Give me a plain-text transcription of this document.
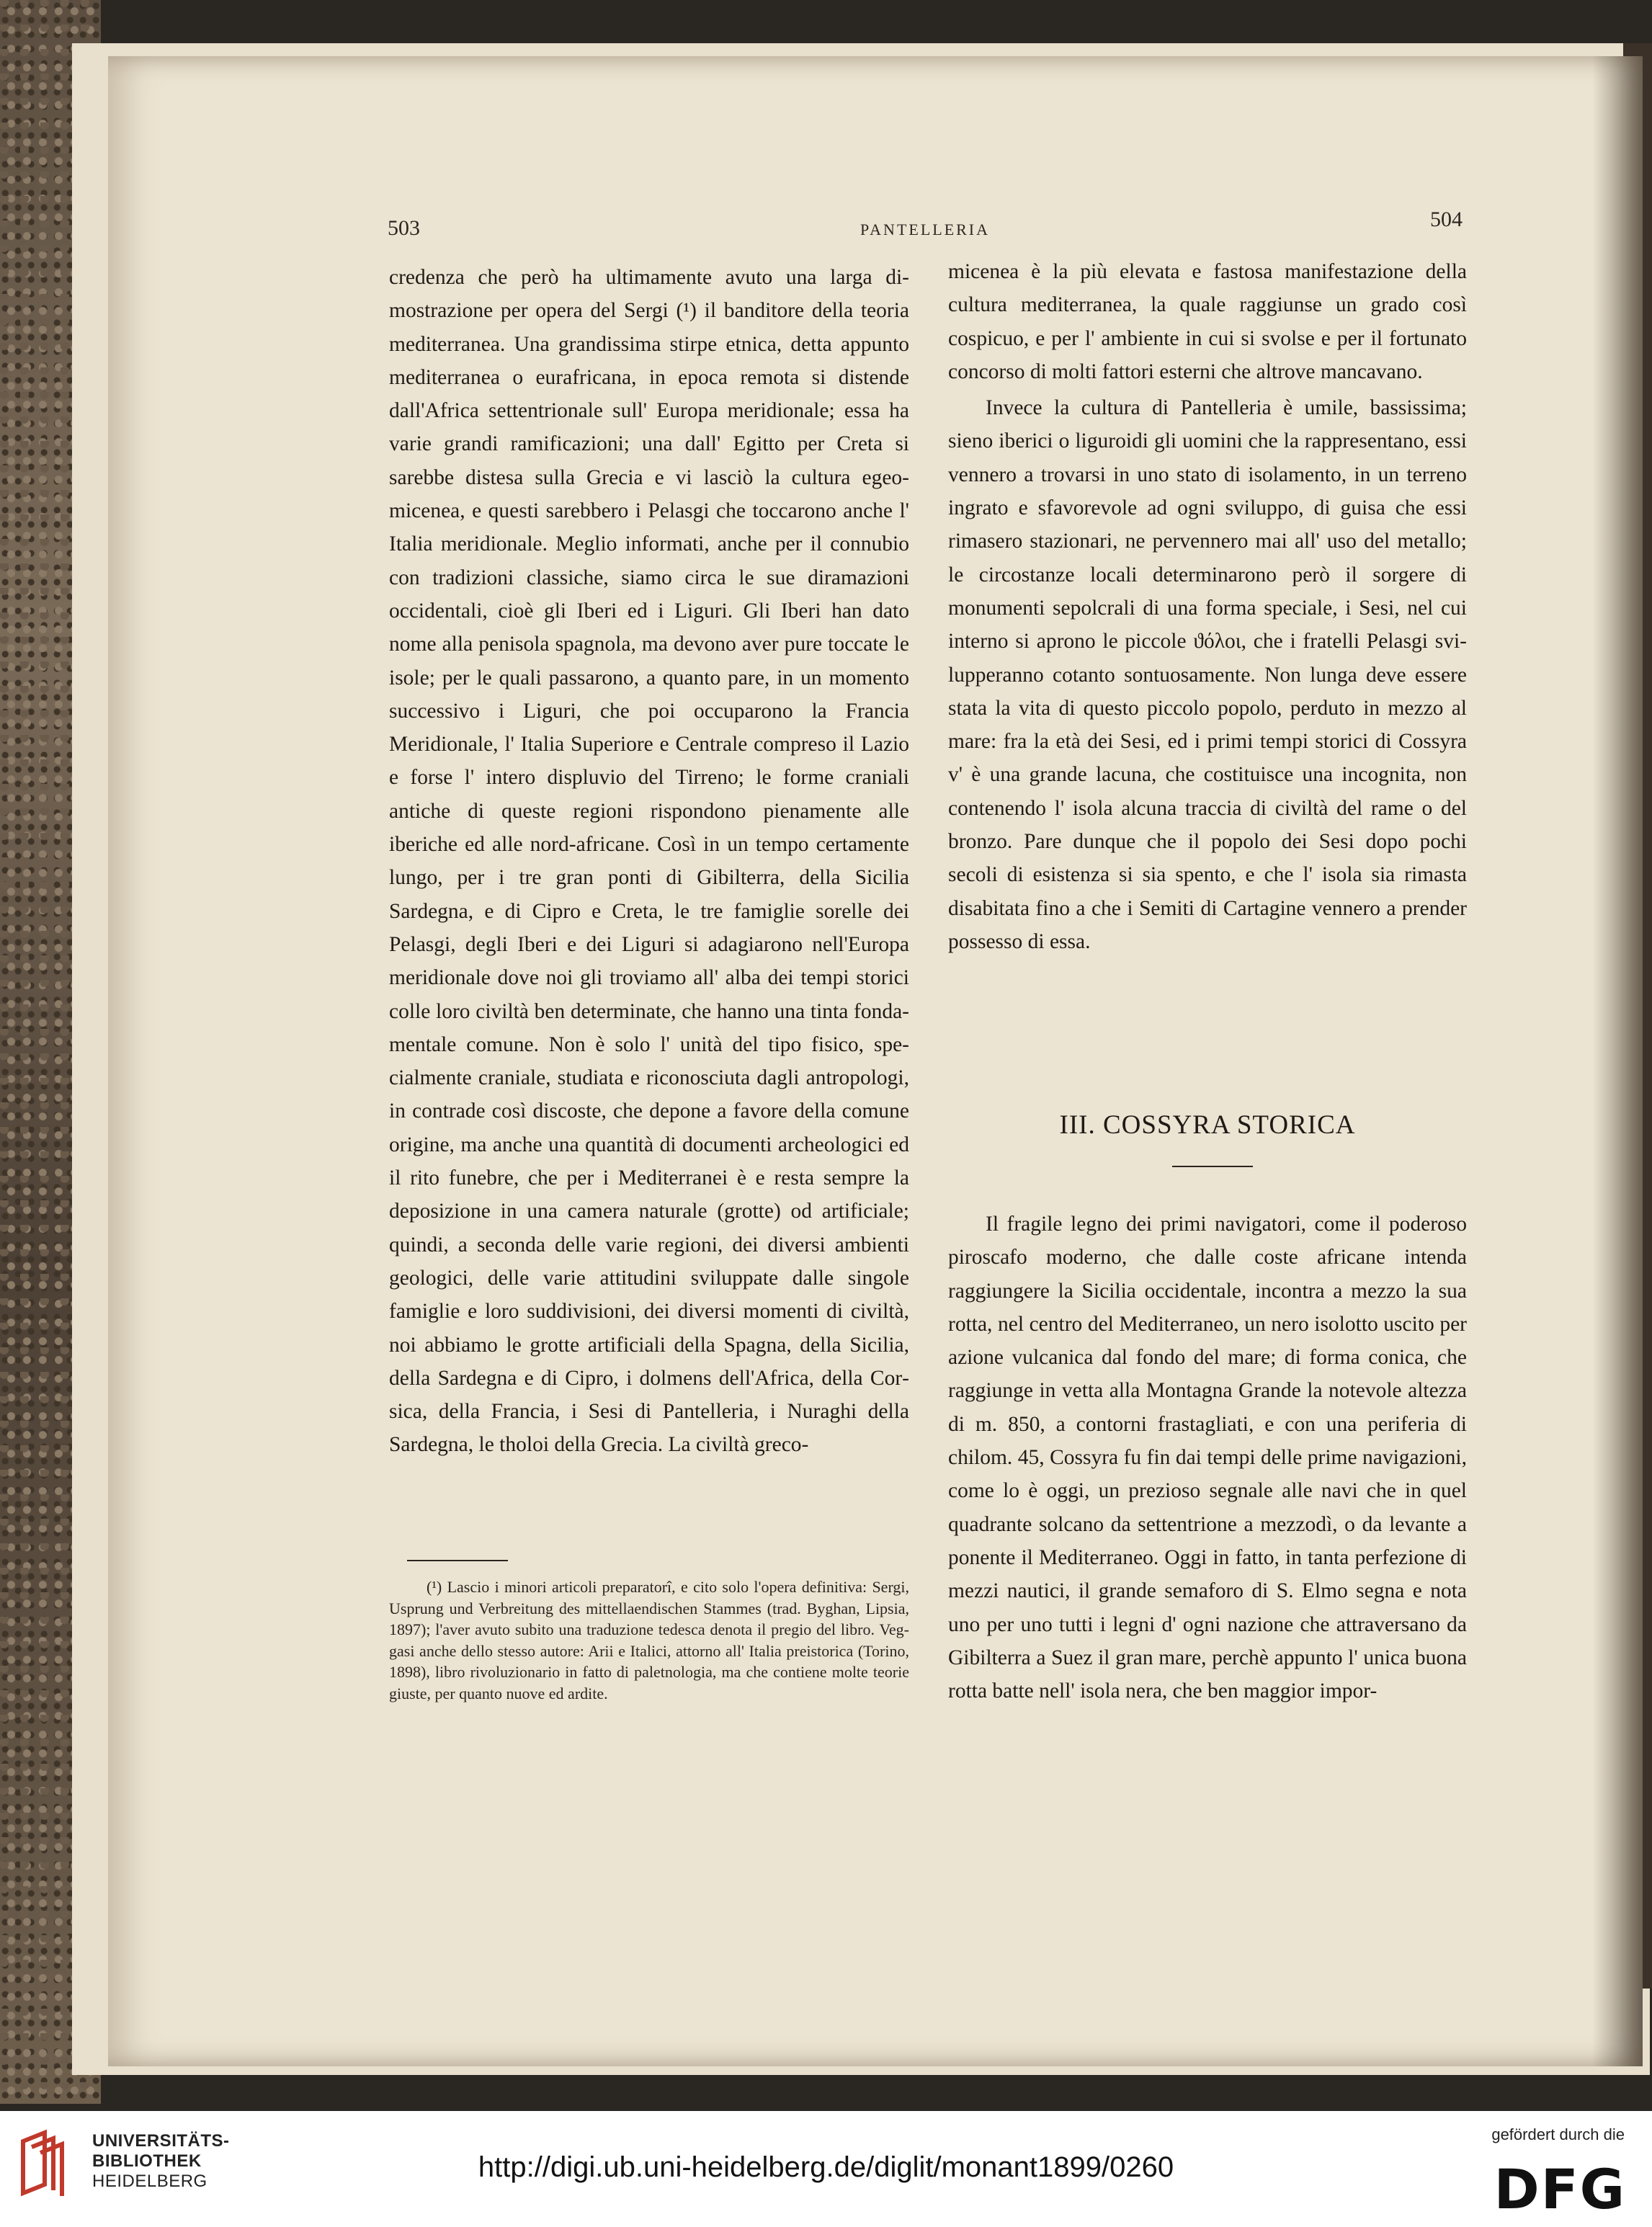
503	PANTELLERIA	504

credenza che però ha ultimamente avuto una larga dimostrazione per opera del Sergi (¹) il banditore della teoria mediterranea. Una grandissima stirpe etnica, detta appunto mediterranea o eurafricana, in epoca remota si distende dall'Africa settentrionale sull' Europa meridionale; essa ha varie grandi ramificazioni; una dall' Egitto per Creta si sarebbe distesa sulla Grecia e vi lasciò la cultura egeo-micenea, e questi sarebbero i Pelasgi che toccarono anche l' Italia meridionale. Meglio informati, anche per il connubio con tradizioni classiche, siamo circa le sue diramazioni occidentali, cioè gli Iberi ed i Liguri. Gli Iberi han dato nome alla penisola spagnola, ma devono aver pure toccate le isole; per le quali passarono, a quanto pare, in un momento successivo i Liguri, che poi occuparono la Francia Meridionale, l' Italia Superiore e Centrale compreso il Lazio e forse l' intero displuvio del Tirreno; le forme craniali antiche di queste regioni rispondono pienamente alle iberiche ed alle nord-africane. Così in un tempo certamente lungo, per i tre gran ponti di Gibilterra, della Sicilia Sardegna, e di Cipro e Creta, le tre famiglie sorelle dei Pelasgi, degli Iberi e dei Liguri si adagiarono nell'Europa meridionale dove noi gli troviamo all' alba dei tempi storici colle loro civiltà ben determinate, che hanno una tinta fondamentale comune. Non è solo l' unità del tipo fisico, specialmente craniale, studiata e riconosciuta dagli antropologi, in contrade così discoste, che depone a favore della comune origine, ma anche una quantità di documenti archeologici ed il rito funebre, che per i Mediterranei è e resta sempre la deposizione in una camera naturale (grotte) od artificiale; quindi, a seconda delle varie regioni, dei diversi ambienti geologici, delle varie attitudini sviluppate dalle singole famiglie e loro suddivisioni, dei diversi momenti di civiltà, noi abbiamo le grotte artificiali della Spagna, della Sicilia, della Sardegna e di Cipro, i dolmens dell'Africa, della Corsica, della Francia, i Sesi di Pantelleria, i Nuraghi della Sardegna, le tholoi della Grecia. La civiltà greco-

(¹) Lascio i minori articoli preparatorî, e cito solo l'opera definitiva: Sergi, Usprung und Verbreitung des mittellaendischen Stammes (trad. Byghan, Lipsia, 1897); l'aver avuto subito una traduzione tedesca denota il pregio del libro. Veggasi anche dello stesso autore: Arii e Italici, attorno all' Italia preistorica (Torino, 1898), libro rivoluzionario in fatto di paletnologia, ma che contiene molte teorie giuste, per quanto nuove ed ardite.

micenea è la più elevata e fastosa manifestazione della cultura mediterranea, la quale raggiunse un grado così cospicuo, e per l' ambiente in cui si svolse e per il fortunato concorso di molti fattori esterni che altrove mancavano.

Invece la cultura di Pantelleria è umile, bassissima; sieno iberici o liguroidi gli uomini che la rappresentano, essi vennero a trovarsi in uno stato di isolamento, in un terreno ingrato e sfavorevole ad ogni sviluppo, di guisa che essi rimasero stazionari, ne pervennero mai all' uso del metallo; le circostanze locali determinarono però il sorgere di monumenti sepolcrali di una forma speciale, i Sesi, nel cui interno si aprono le piccole ϑόλοι, che i fratelli Pelasgi svilupperanno cotanto sontuosamente. Non lunga deve essere stata la vita di questo piccolo popolo, perduto in mezzo al mare: fra la età dei Sesi, ed i primi tempi storici di Cossyra v' è una grande lacuna, che costituisce una incognita, non contenendo l' isola alcuna traccia di civiltà del rame o del bronzo. Pare dunque che il popolo dei Sesi dopo pochi secoli di esistenza si sia spento, e che l' isola sia rimasta disabitata fino a che i Semiti di Cartagine vennero a prender possesso di essa.

III. COSSYRA STORICA

Il fragile legno dei primi navigatori, come il poderoso piroscafo moderno, che dalle coste africane intenda raggiungere la Sicilia occidentale, incontra a mezzo la sua rotta, nel centro del Mediterraneo, un nero isolotto uscito per azione vulcanica dal fondo del mare; di forma conica, che raggiunge in vetta alla Montagna Grande la notevole altezza di m. 850, a contorni frastagliati, e con una periferia di chilom. 45, Cossyra fu fin dai tempi delle prime navigazioni, come lo è oggi, un prezioso segnale alle navi che in quel quadrante solcano da settentrione a mezzodì, o da levante a ponente il Mediterraneo. Oggi in fatto, in tanta perfezione di mezzi nautici, il grande semaforo di S. Elmo segna e nota uno per uno tutti i legni d' ogni nazione che attraversano da Gibilterra a Suez il gran mare, perchè appunto l' unica buona rotta batte nell' isola nera, che ben maggior impor-

UNIVERSITÄTS-
BIBLIOTHEK
HEIDELBERG	http://digi.ub.uni-heidelberg.de/diglit/monant1899/0260
gefördert durch die
DFG
